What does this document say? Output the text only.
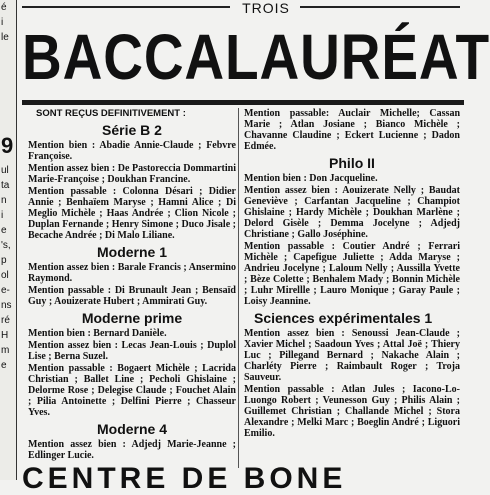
é
i
le
9
ul
ta
n
i
e
's,
p
ol
e-
ns
ré
H
m
e
TROIS
BACCALAURÉAT
SONT REÇUS DEFINITIVEMENT :
Série B 2
Mention bien : Abadie Annie-Claude ; Febvre Françoise.
Mention assez bien : De Pastoreccia Dommartini Marie-Françoise ; Doukhan Francine.
Mention passable : Colonna Désari ; Didier Annie ; Benhaïem Maryse ; Hamni Alice ; Di Meglio Michèle ; Haas Andrée ; Clion Nicole ; Duplan Fernande ; Henry Simone ; Duco Jisale ; Becache Andrée ; Di Malo Liliane.
Moderne 1
Mention assez bien : Barale Francis ; Ansermino Raymond.
Mention passable : Di Brunault Jean ; Bensaïd Guy ; Aouizerate Hubert ; Ammirati Guy.
Moderne prime
Mention bien : Bernard Danièle.
Mention assez bien : Lecas Jean-Louis ; Duplol Lise ; Berna Suzel.
Mention passable : Bogaert Michèle ; Lacrida Christian ; Ballet Line ; Pecholi Ghislaine ; Delorme Rose ; Delegise Claude ; Fouchet Alain ; Pilia Antoinette ; Delfini Pierre ; Chasseur Yves.
Moderne 4
Mention assez bien : Adjedj Marie-Jeanne ; Edlinger Lucie.
Mention passable: Auclair Michelle; Cassan Marie ; Atlan Josiane ; Bianco Michèle ; Chavanne Claudine ; Eckert Lucienne ; Dadon Edmée.
Philo II
Mention bien : Don Jacqueline.
Mention assez bien : Aouizerate Nelly ; Baudat Geneviève ; Carfantan Jacqueline ; Champiot Ghislaine ; Hardy Michèle ; Doukhan Marlène ; Delord Gisèle ; Demma Jocelyne ; Adjedj Christiane ; Gallo Joséphine.
Mention passable : Coutier André ; Ferrari Michèle ; Capefigue Juliette ; Adda Maryse ; Andrieu Jocelyne ; Laloum Nelly ; Aussilla Yvette ; Bèze Colette ; Benhalem Mady ; Bonnin Michèle ; Luhr Mirellle ; Lauro Monique ; Garay Paule ; Loisy Jeannine.
Sciences expérimentales 1
Mention assez bien : Senoussi Jean-Claude ; Xavier Michel ; Saadoun Yves ; Attal Joë ; Thiery Luc ; Pillegand Bernard ; Nakache Alain ; Charléty Pierre ; Raimbault Roger ; Troja Sauveur.
Mention passable : Atlan Jules ; Iacono-Lo-Luongo Robert ; Veunesson Guy ; Philis Alain ; Guillemet Christian ; Challande Michel ; Stora Alexandre ; Melki Marc ; Boeglin André ; Liguori Emilio.
CENTRE DE BONE
